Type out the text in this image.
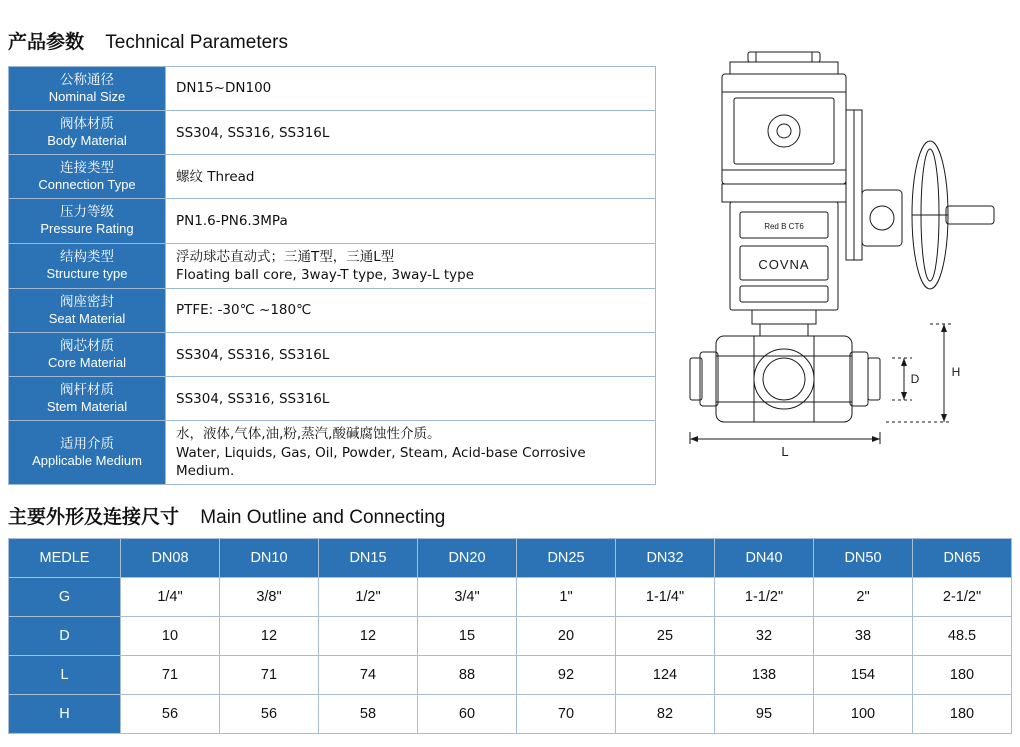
产品参数 Technical Parameters
公称通径
Nominal Size	DN15~DN100

阀体材质
Body Material	SS304, SS316, SS316L

连接类型
Connection Type	螺纹 Thread

压力等级
Pressure Rating	PN1.6-PN6.3MPa

结构类型
Structure type	浮动球芯直动式；三通T型，三通L型
Floating ball core, 3way-T type, 3way-L type

阀座密封
Seat Material	PTFE: -30℃ ~180℃

阀芯材质
Core Material	SS304, SS316, SS316L

阀杆材质
Stem Material	SS304, SS316, SS316L

适用介质
Applicable Medium	水，液体,气体,油,粉,蒸汽,酸碱腐蚀性介质。
Water, Liquids, Gas, Oil, Powder, Steam, Acid-base Corrosive Medium.
Red B CT6
COVNA
L
D	H
主要外形及连接尺寸 Main Outline and Connecting
MEDLE	DN08	DN10	DN15	DN20	DN25	DN32	DN40	DN50	DN65
G	1/4"	3/8"	1/2"	3/4"	1"	1-1/4"	1-1/2"	2"	2-1/2"
D	10	12	12	15	20	25	32	38	48.5
L	71	71	74	88	92	124	138	154	180
H	56	56	58	60	70	82	95	100	180
